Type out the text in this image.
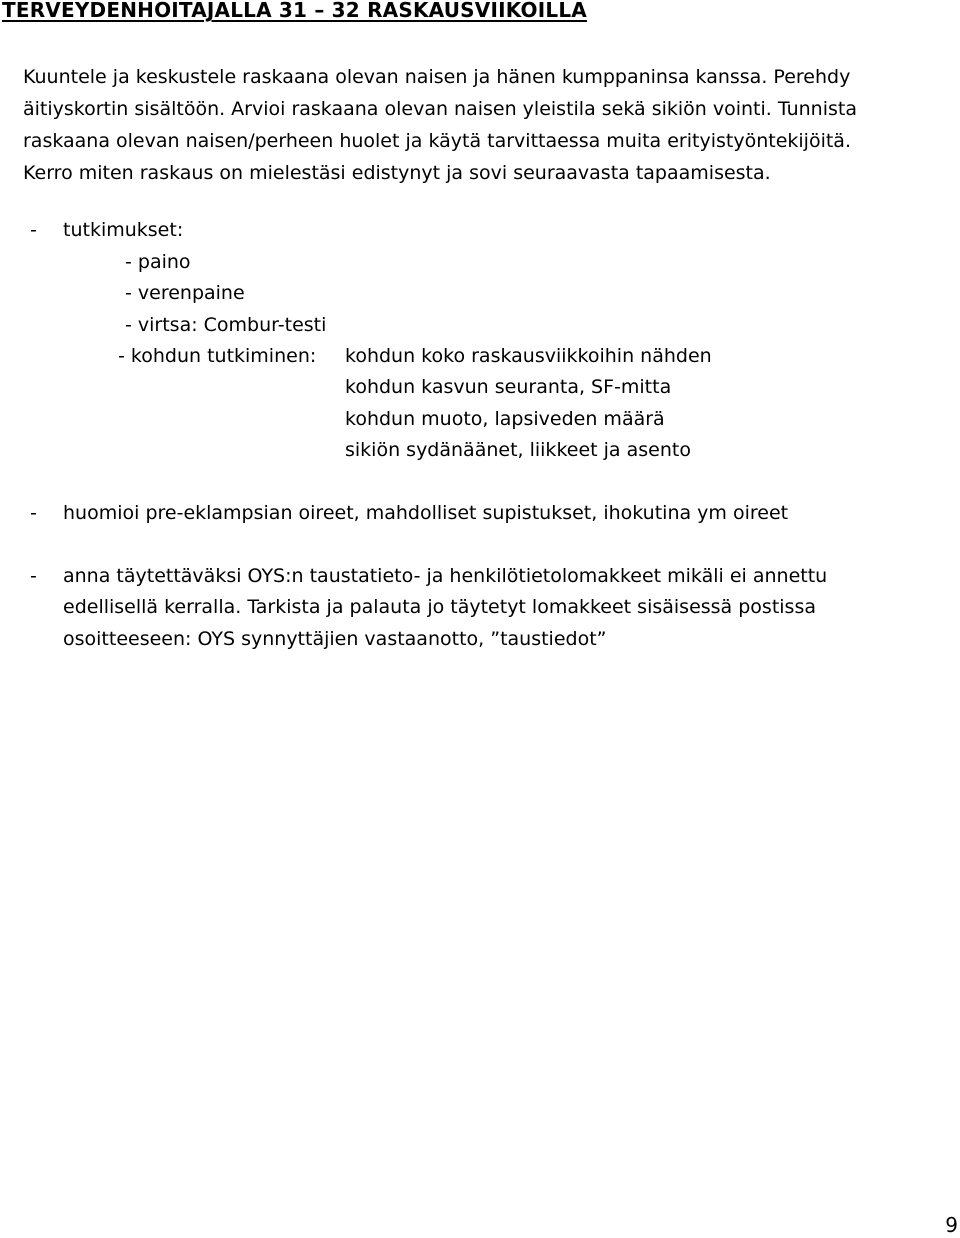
TERVEYDENHOITAJALLA 31 – 32 RASKAUSVIIKOILLA
Kuuntele ja keskustele raskaana olevan naisen ja hänen kumppaninsa kanssa. Perehdy
äitiyskortin sisältöön. Arvioi raskaana olevan naisen yleistila sekä sikiön vointi. Tunnista
raskaana olevan naisen/perheen huolet ja käytä tarvittaessa muita erityistyöntekijöitä.
Kerro miten raskaus on mielestäsi edistynyt ja sovi seuraavasta tapaamisesta.
- tutkimukset:
- paino
- verenpaine
- virtsa: Combur-testi
- kohdun tutkiminen: kohdun koko raskausviikkoihin nähden
kohdun kasvun seuranta, SF-mitta
kohdun muoto, lapsiveden määrä
sikiön sydänäänet, liikkeet ja asento
- huomioi pre-eklampsian oireet, mahdolliset supistukset, ihokutina ym oireet
- anna täytettäväksi OYS:n taustatieto- ja henkilötietolomakkeet mikäli ei annettu
edellisellä kerralla. Tarkista ja palauta jo täytetyt lomakkeet sisäisessä postissa
osoitteeseen: OYS synnyttäjien vastaanotto, ”taustiedot”
9
